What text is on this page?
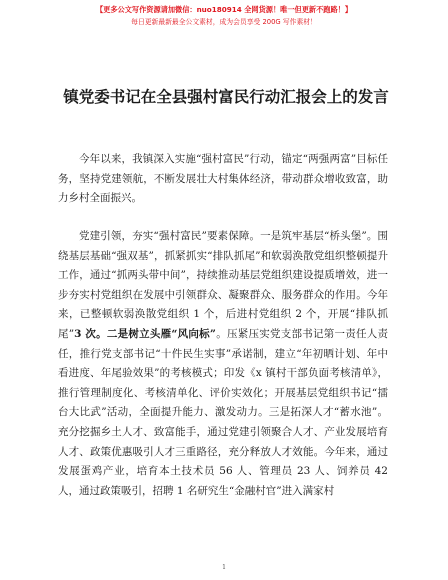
【更多公文写作资源请加微信：nuo180914 全网货源！唯一但更新不跑路！】
每日更新最新最全公文素材，成为会员享受 200G 写作素材！
镇党委书记在全县强村富民行动汇报会上的发言

今年以来，我镇深入实施“强村富民”行动，锚定“两强两富”目标任务，坚持党建领航，不断发展壮大村集体经济，带动群众增收致富，助力乡村全面振兴。

党建引领，夯实“强村富民”要素保障。一是筑牢基层“桥头堡”。围绕基层基础“强双基”，抓紧抓实“排队抓尾”和软弱涣散党组织整顿提升工作，通过“抓两头带中间”，持续推动基层党组织建设提质增效，进一步夯实村党组织在发展中引领群众、凝聚群众、服务群众的作用。今年来，已整顿软弱涣散党组织 1 个，后进村党组织 2 个，开展“排队抓尾”3 次。二是树立头雁“风向标”。压紧压实党支部书记第一责任人责任，推行党支部书记“十件民生实事”承诺制，建立“年初晒计划、年中看进度、年尾验效果”的考核模式；印发《x 镇村干部负面考核清单》，推行管理制度化、考核清单化、评价实效化；开展基层党组织书记“擂台大比武”活动，全面提升能力、激发动力。三是拓深人才“蓄水池”。充分挖掘乡土人才、致富能手，通过党建引领聚合人才、产业发展培育人才、政策优惠吸引人才三重路径，充分释放人才效能。今年来，通过发展蛋鸡产业，培育本土技术员 56 人、管理员 23 人、饲养员 42 人，通过政策吸引，招聘 1 名研究生“金融村官”进入满家村

1
